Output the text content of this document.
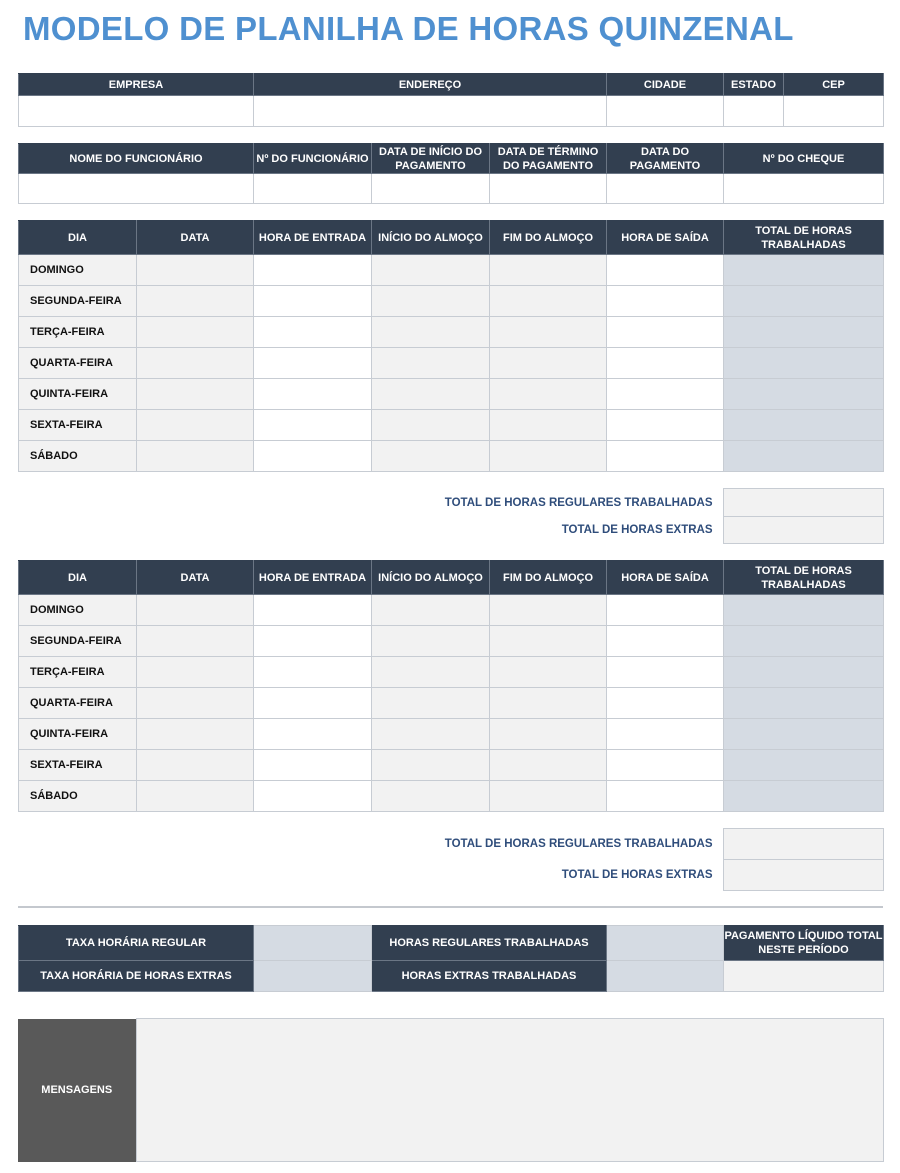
MODELO DE PLANILHA DE HORAS QUINZENAL
EMPRESA	ENDEREÇO	CIDADE	ESTADO	CEP

NOME DO FUNCIONÁRIO	Nº DO FUNCIONÁRIO	DATA DE INÍCIO DO PAGAMENTO	DATA DE TÉRMINO DO PAGAMENTO	DATA DO PAGAMENTO	Nº DO CHEQUE

DIA	DATA	HORA DE ENTRADA	INÍCIO DO ALMOÇO	FIM DO ALMOÇO	HORA DE SAÍDA	TOTAL DE HORAS TRABALHADAS
DOMINGO						
SEGUNDA-FEIRA						
TERÇA-FEIRA						
QUARTA-FEIRA						
QUINTA-FEIRA						
SEXTA-FEIRA						
SÁBADO						
TOTAL DE HORAS REGULARES TRABALHADAS	
TOTAL DE HORAS EXTRAS	
DIA	DATA	HORA DE ENTRADA	INÍCIO DO ALMOÇO	FIM DO ALMOÇO	HORA DE SAÍDA	TOTAL DE HORAS TRABALHADAS
DOMINGO						
SEGUNDA-FEIRA						
TERÇA-FEIRA						
QUARTA-FEIRA						
QUINTA-FEIRA						
SEXTA-FEIRA						
SÁBADO						
TOTAL DE HORAS REGULARES TRABALHADAS	
TOTAL DE HORAS EXTRAS	
TAXA HORÁRIA REGULAR		HORAS REGULARES TRABALHADAS		PAGAMENTO LÍQUIDO TOTAL NESTE PERÍODO
TAXA HORÁRIA DE HORAS EXTRAS		HORAS EXTRAS TRABALHADAS		
MENSAGENS	
